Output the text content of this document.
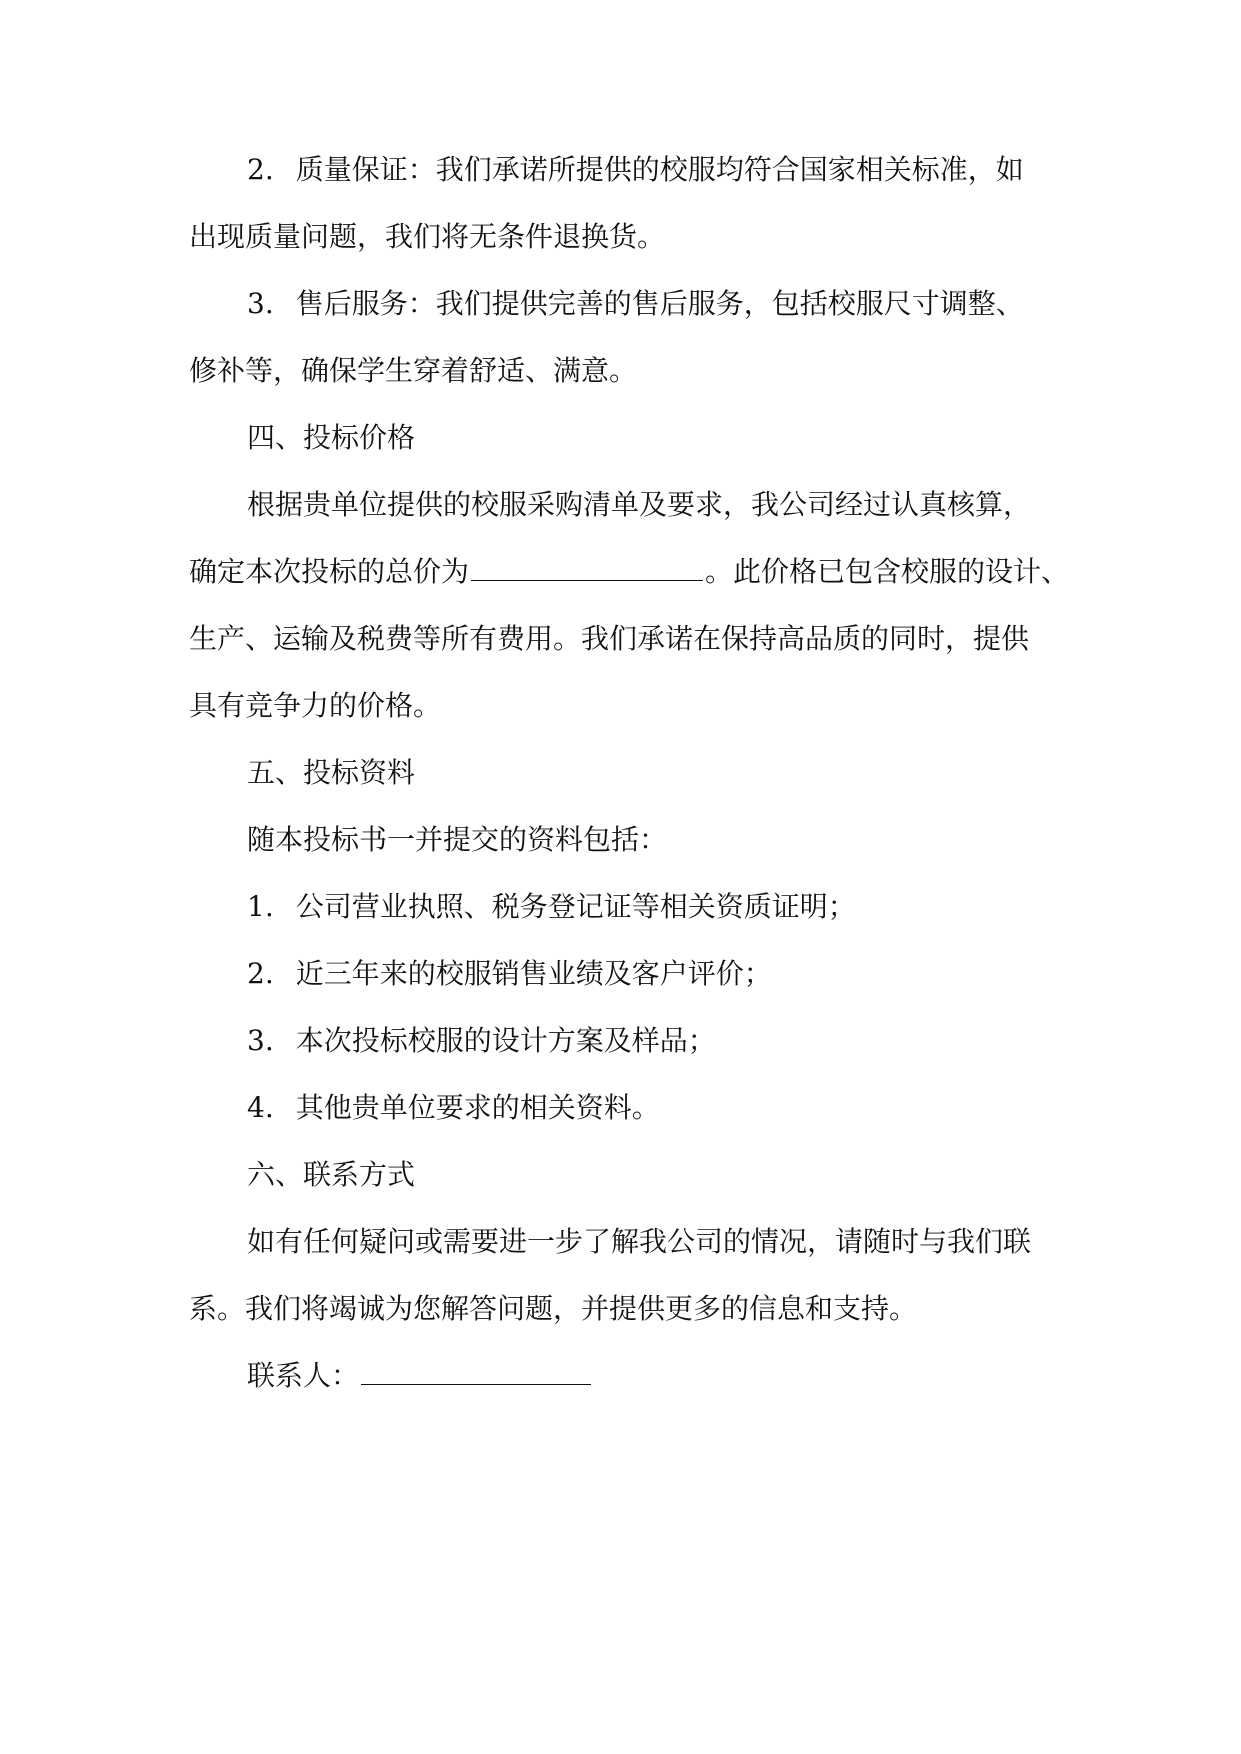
2. 质量保证：我们承诺所提供的校服均符合国家相关标准，如
出现质量问题，我们将无条件退换货。
3. 售后服务：我们提供完善的售后服务，包括校服尺寸调整、
修补等，确保学生穿着舒适、满意。
四、投标价格
根据贵单位提供的校服采购清单及要求，我公司经过认真核算，
确定本次投标的总价为	。此价格已包含校服的设计、
生产、运输及税费等所有费用。我们承诺在保持高品质的同时，提供
具有竞争力的价格。
五、投标资料
随本投标书一并提交的资料包括：
1. 公司营业执照、税务登记证等相关资质证明；
2. 近三年来的校服销售业绩及客户评价；
3. 本次投标校服的设计方案及样品；
4. 其他贵单位要求的相关资料。
六、联系方式
如有任何疑问或需要进一步了解我公司的情况，请随时与我们联
系。我们将竭诚为您解答问题，并提供更多的信息和支持。
联系人：
